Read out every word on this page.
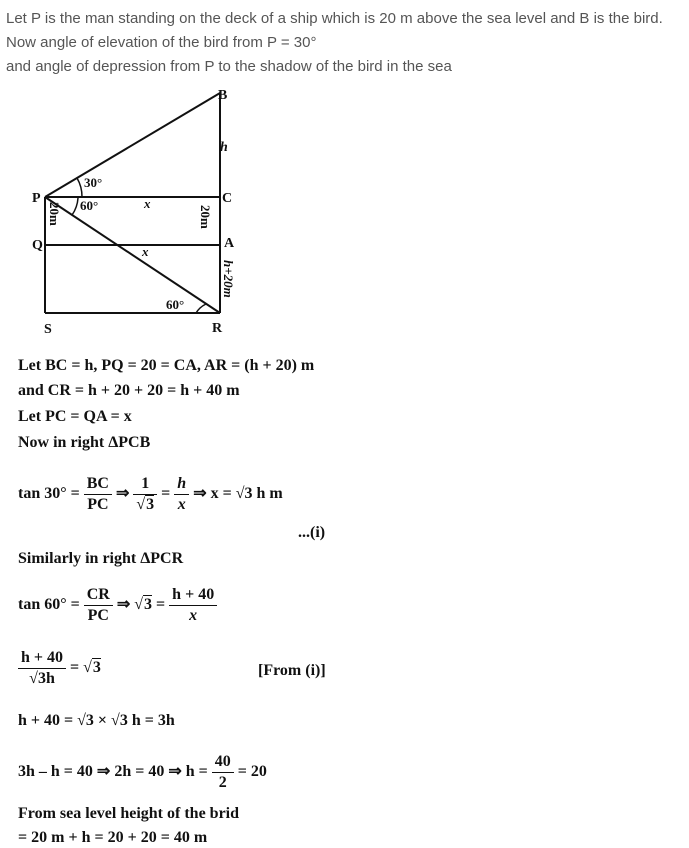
Let P is the man standing on the deck of a ship which is 20 m above the sea level and B is the bird.

Now angle of elevation of the bird from P = 30°

and angle of depression from P to the shadow of the bird in the sea

B
h
C
A
R
S
P
Q
x
x
30°
60°
60°
20m	20m
h+20m
Let BC = h, PQ = 20 = CA, AR = (h + 20) m
and CR = h + 20 + 20 = h + 40 m
Let PC = QA = x
Now in right ΔPCB
$\tan 30^\circ = \frac{BC}{PC}$ ⇒ $\frac{1}{√3} = \frac{h}{x}$ ⇒ x = √3 h m
...(i)
Similarly in right ΔPCR
$\tan 60^\circ = \frac{CR}{PC}$ ⇒ $√3 = \frac{h + 40}{x}$
$\frac{h + 40}{√3h} = √3$	[From (i)]
h + 40 = √3 × √3 h = 3h
3h – h = 40 ⇒ 2h = 40 ⇒ $h = \frac{40}{2} = 20$
From sea level height of the brid
= 20 m + h = 20 + 20 = 40 m
